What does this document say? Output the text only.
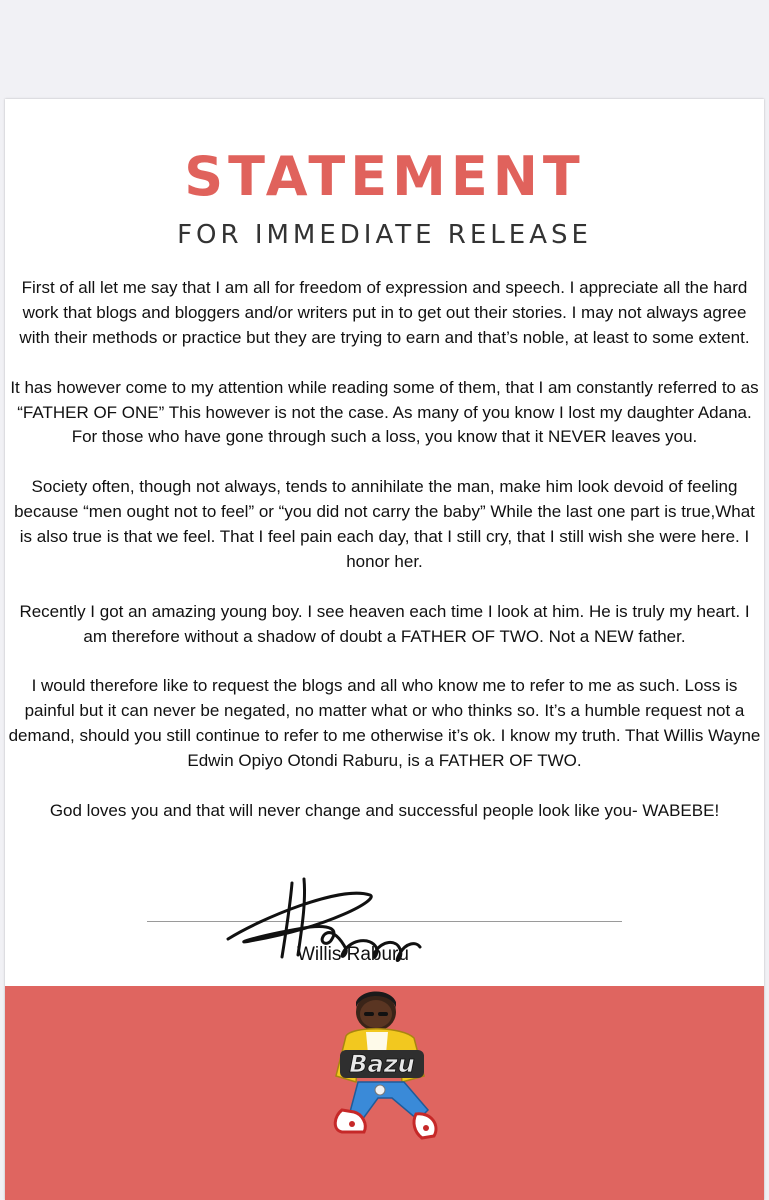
STATEMENT
FOR IMMEDIATE RELEASE

First of all let me say that I am all for freedom of expression and speech. I appreciate all the hard work that blogs and bloggers and/or writers put in to get out their stories. I may not always agree with their methods or practice but they are trying to earn and that’s noble, at least to some extent.

It has however come to my attention while reading some of them, that I am constantly referred to as “FATHER OF ONE” This however is not the case. As many of you know I lost my daughter Adana. For those who have gone through such a loss, you know that it NEVER leaves you.

Society often, though not always, tends to annihilate the man, make him look devoid of feeling because “men ought not to feel” or “you did not carry the baby” While the last one part is true,What is also true is that we feel. That I feel pain each day, that I still cry, that I still wish she were here. I honor her.

Recently I got an amazing young boy. I see heaven each time I look at him. He is truly my heart. I am therefore without a shadow of doubt a FATHER OF TWO. Not a NEW father.

I would therefore like to request the blogs and all who know me to refer to me as such. Loss is painful but it can never be negated, no matter what or who thinks so. It’s a humble request not a demand, should you still continue to refer to me otherwise it’s ok. I know my truth. That Willis Wayne Edwin Opiyo Otondi Raburu, is a FATHER OF TWO.

God loves you and that will never change and successful people look like you- WABEBE!

Willis Raburu
Bazu
